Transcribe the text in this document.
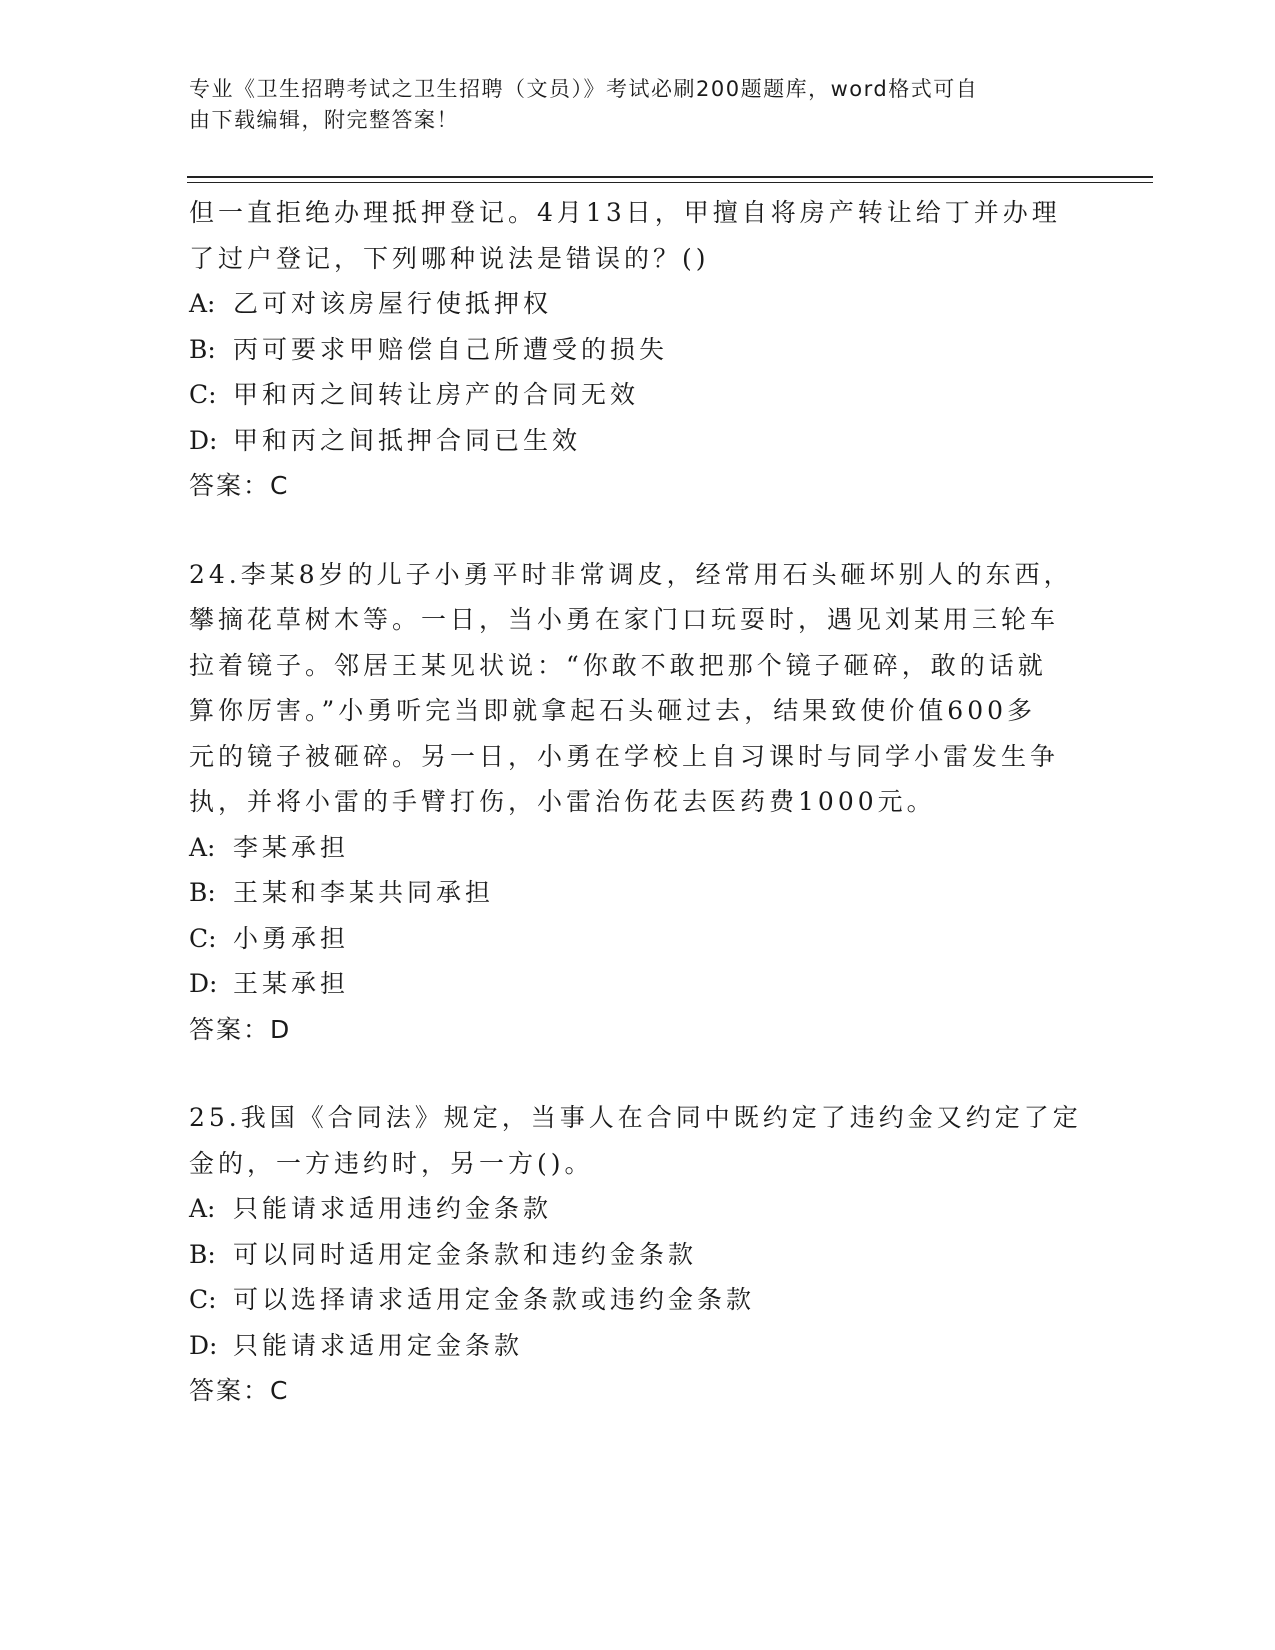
专业《卫生招聘考试之卫生招聘（文员）》考试必刷200题题库，word格式可自
由下载编辑，附完整答案！
但一直拒绝办理抵押登记。4月13日，甲擅自将房产转让给丁并办理
了过户登记，下列哪种说法是错误的？()
A: 乙可对该房屋行使抵押权
B: 丙可要求甲赔偿自己所遭受的损失
C: 甲和丙之间转让房产的合同无效
D: 甲和丙之间抵押合同已生效
答案：C
24.李某8岁的儿子小勇平时非常调皮，经常用石头砸坏别人的东西，
攀摘花草树木等。一日，当小勇在家门口玩耍时，遇见刘某用三轮车
拉着镜子。邻居王某见状说：“你敢不敢把那个镜子砸碎，敢的话就
算你厉害。”小勇听完当即就拿起石头砸过去，结果致使价值600多
元的镜子被砸碎。另一日，小勇在学校上自习课时与同学小雷发生争
执，并将小雷的手臂打伤，小雷治伤花去医药费1000元。
A: 李某承担
B: 王某和李某共同承担
C: 小勇承担
D: 王某承担
答案：D
25.我国《合同法》规定，当事人在合同中既约定了违约金又约定了定
金的，一方违约时，另一方()。
A: 只能请求适用违约金条款
B: 可以同时适用定金条款和违约金条款
C: 可以选择请求适用定金条款或违约金条款
D: 只能请求适用定金条款
答案：C
